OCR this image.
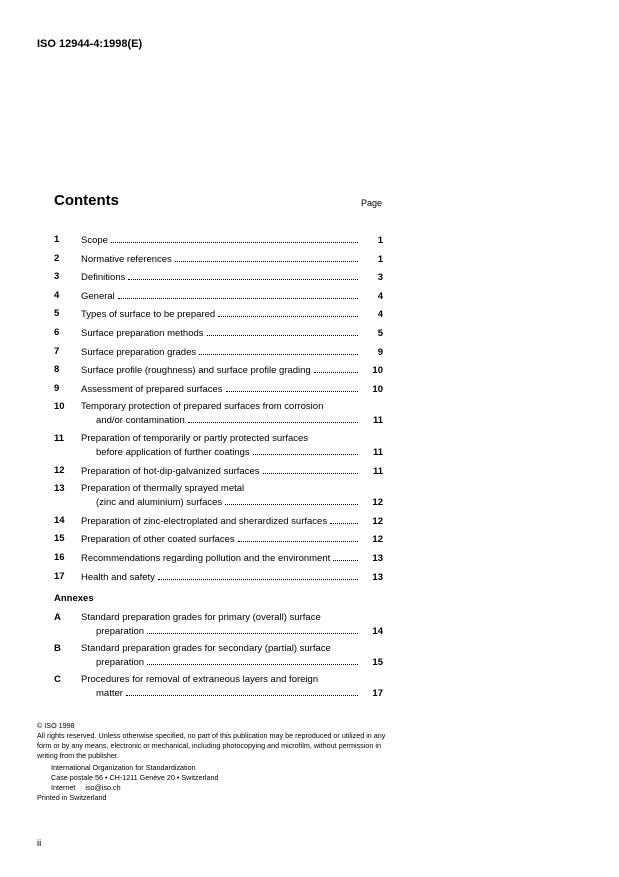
ISO 12944-4:1998(E)
Contents	Page
1	Scope	1
2	Normative references	1
3	Definitions	3
4	General	4
5	Types of surface to be prepared	4
6	Surface preparation methods	5
7	Surface preparation grades	9
8	Surface profile (roughness) and surface profile grading	10
9	Assessment of prepared surfaces	10
10	Temporary protection of prepared surfaces from corrosion
and/or contamination	11
11	Preparation of temporarily or partly protected surfaces
before application of further coatings	11
12	Preparation of hot-dip-galvanized surfaces	11
13	Preparation of thermally sprayed metal
(zinc and aluminium) surfaces	12
14	Preparation of zinc-electroplated and sherardized surfaces	12
15	Preparation of other coated surfaces	12
16	Recommendations regarding pollution and the environment	13
17	Health and safety	13
Annexes
A	Standard preparation grades for primary (overall) surface
preparation	14
B	Standard preparation grades for secondary (partial) surface
preparation	15
C	Procedures for removal of extraneous layers and foreign
matter	17
© ISO 1998
All rights reserved. Unless otherwise specified, no part of this publication may be reproduced or utilized in any form or by any means, electronic or mechanical, including photocopying and microfilm, without permission in writing from the publisher.
International Organization for Standardization
Case postale 56 • CH-1211 Genève 20 • Switzerland
Internet     iso@iso.ch
Printed in Switzerland
ii
